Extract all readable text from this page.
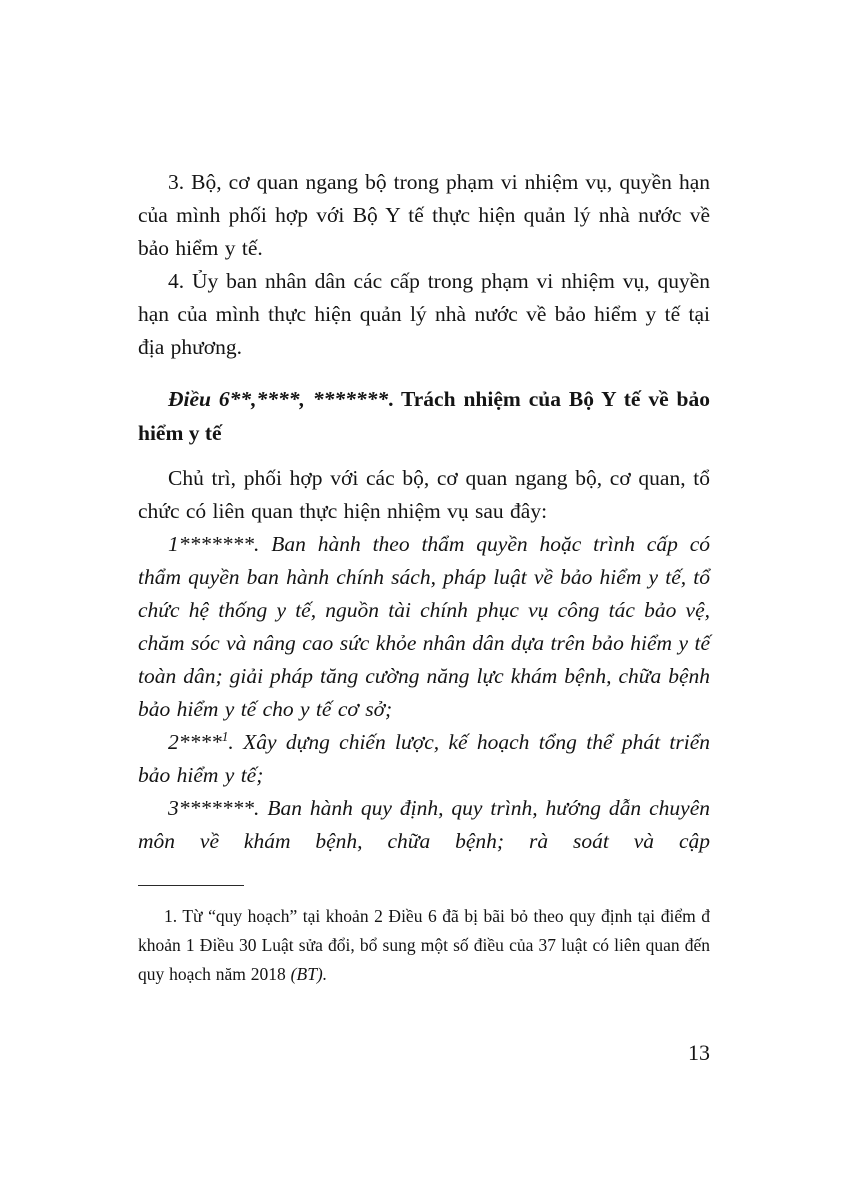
3. Bộ, cơ quan ngang bộ trong phạm vi nhiệm vụ, quyền hạn của mình phối hợp với Bộ Y tế thực hiện quản lý nhà nước về bảo hiểm y tế.

4. Ủy ban nhân dân các cấp trong phạm vi nhiệm vụ, quyền hạn của mình thực hiện quản lý nhà nước về bảo hiểm y tế tại địa phương.

Điều 6**,****, *******. Trách nhiệm của Bộ Y tế về bảo hiểm y tế

Chủ trì, phối hợp với các bộ, cơ quan ngang bộ, cơ quan, tổ chức có liên quan thực hiện nhiệm vụ sau đây:

1*******. Ban hành theo thẩm quyền hoặc trình cấp có thẩm quyền ban hành chính sách, pháp luật về bảo hiểm y tế, tổ chức hệ thống y tế, nguồn tài chính phục vụ công tác bảo vệ, chăm sóc và nâng cao sức khỏe nhân dân dựa trên bảo hiểm y tế toàn dân; giải pháp tăng cường năng lực khám bệnh, chữa bệnh bảo hiểm y tế cho y tế cơ sở;

2****$^1$. Xây dựng chiến lược, kế hoạch tổng thể phát triển bảo hiểm y tế;

3*******. Ban hành quy định, quy trình, hướng dẫn chuyên môn về khám bệnh, chữa bệnh; rà soát và cập

1. Từ “quy hoạch” tại khoản 2 Điều 6 đã bị bãi bỏ theo quy định tại điểm đ khoản 1 Điều 30 Luật sửa đổi, bổ sung một số điều của 37 luật có liên quan đến quy hoạch năm 2018 (BT).

13
